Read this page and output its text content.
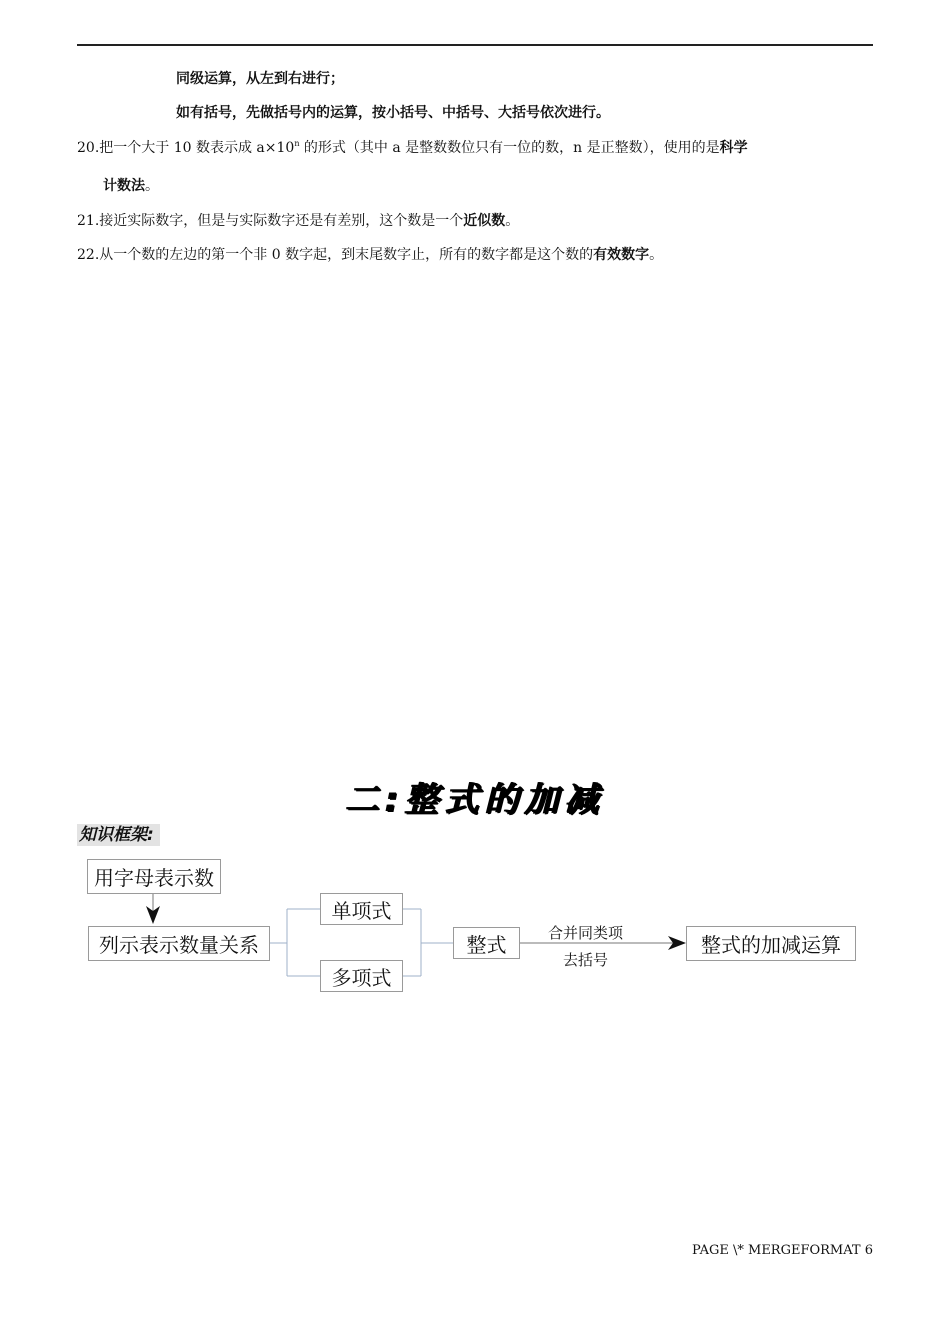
同级运算，从左到右进行；
如有括号，先做括号内的运算，按小括号、中括号、大括号依次进行。
20.把一个大于 10 数表示成 $a\times 10^n$ 的形式（其中 a 是整数数位只有一位的数，n 是正整数），使用的是科学
计数法。
21.接近实际数字，但是与实际数字还是有差别，这个数是一个近似数。
22.从一个数的左边的第一个非 0 数字起，到末尾数字止，所有的数字都是这个数的有效数字。
二:整式的加减
知识框架:
用字母表示数
列示表示数量关系
单项式
多项式
整式	合并同类项
去括号
整式的加减运算
PAGE \* MERGEFORMAT 6
